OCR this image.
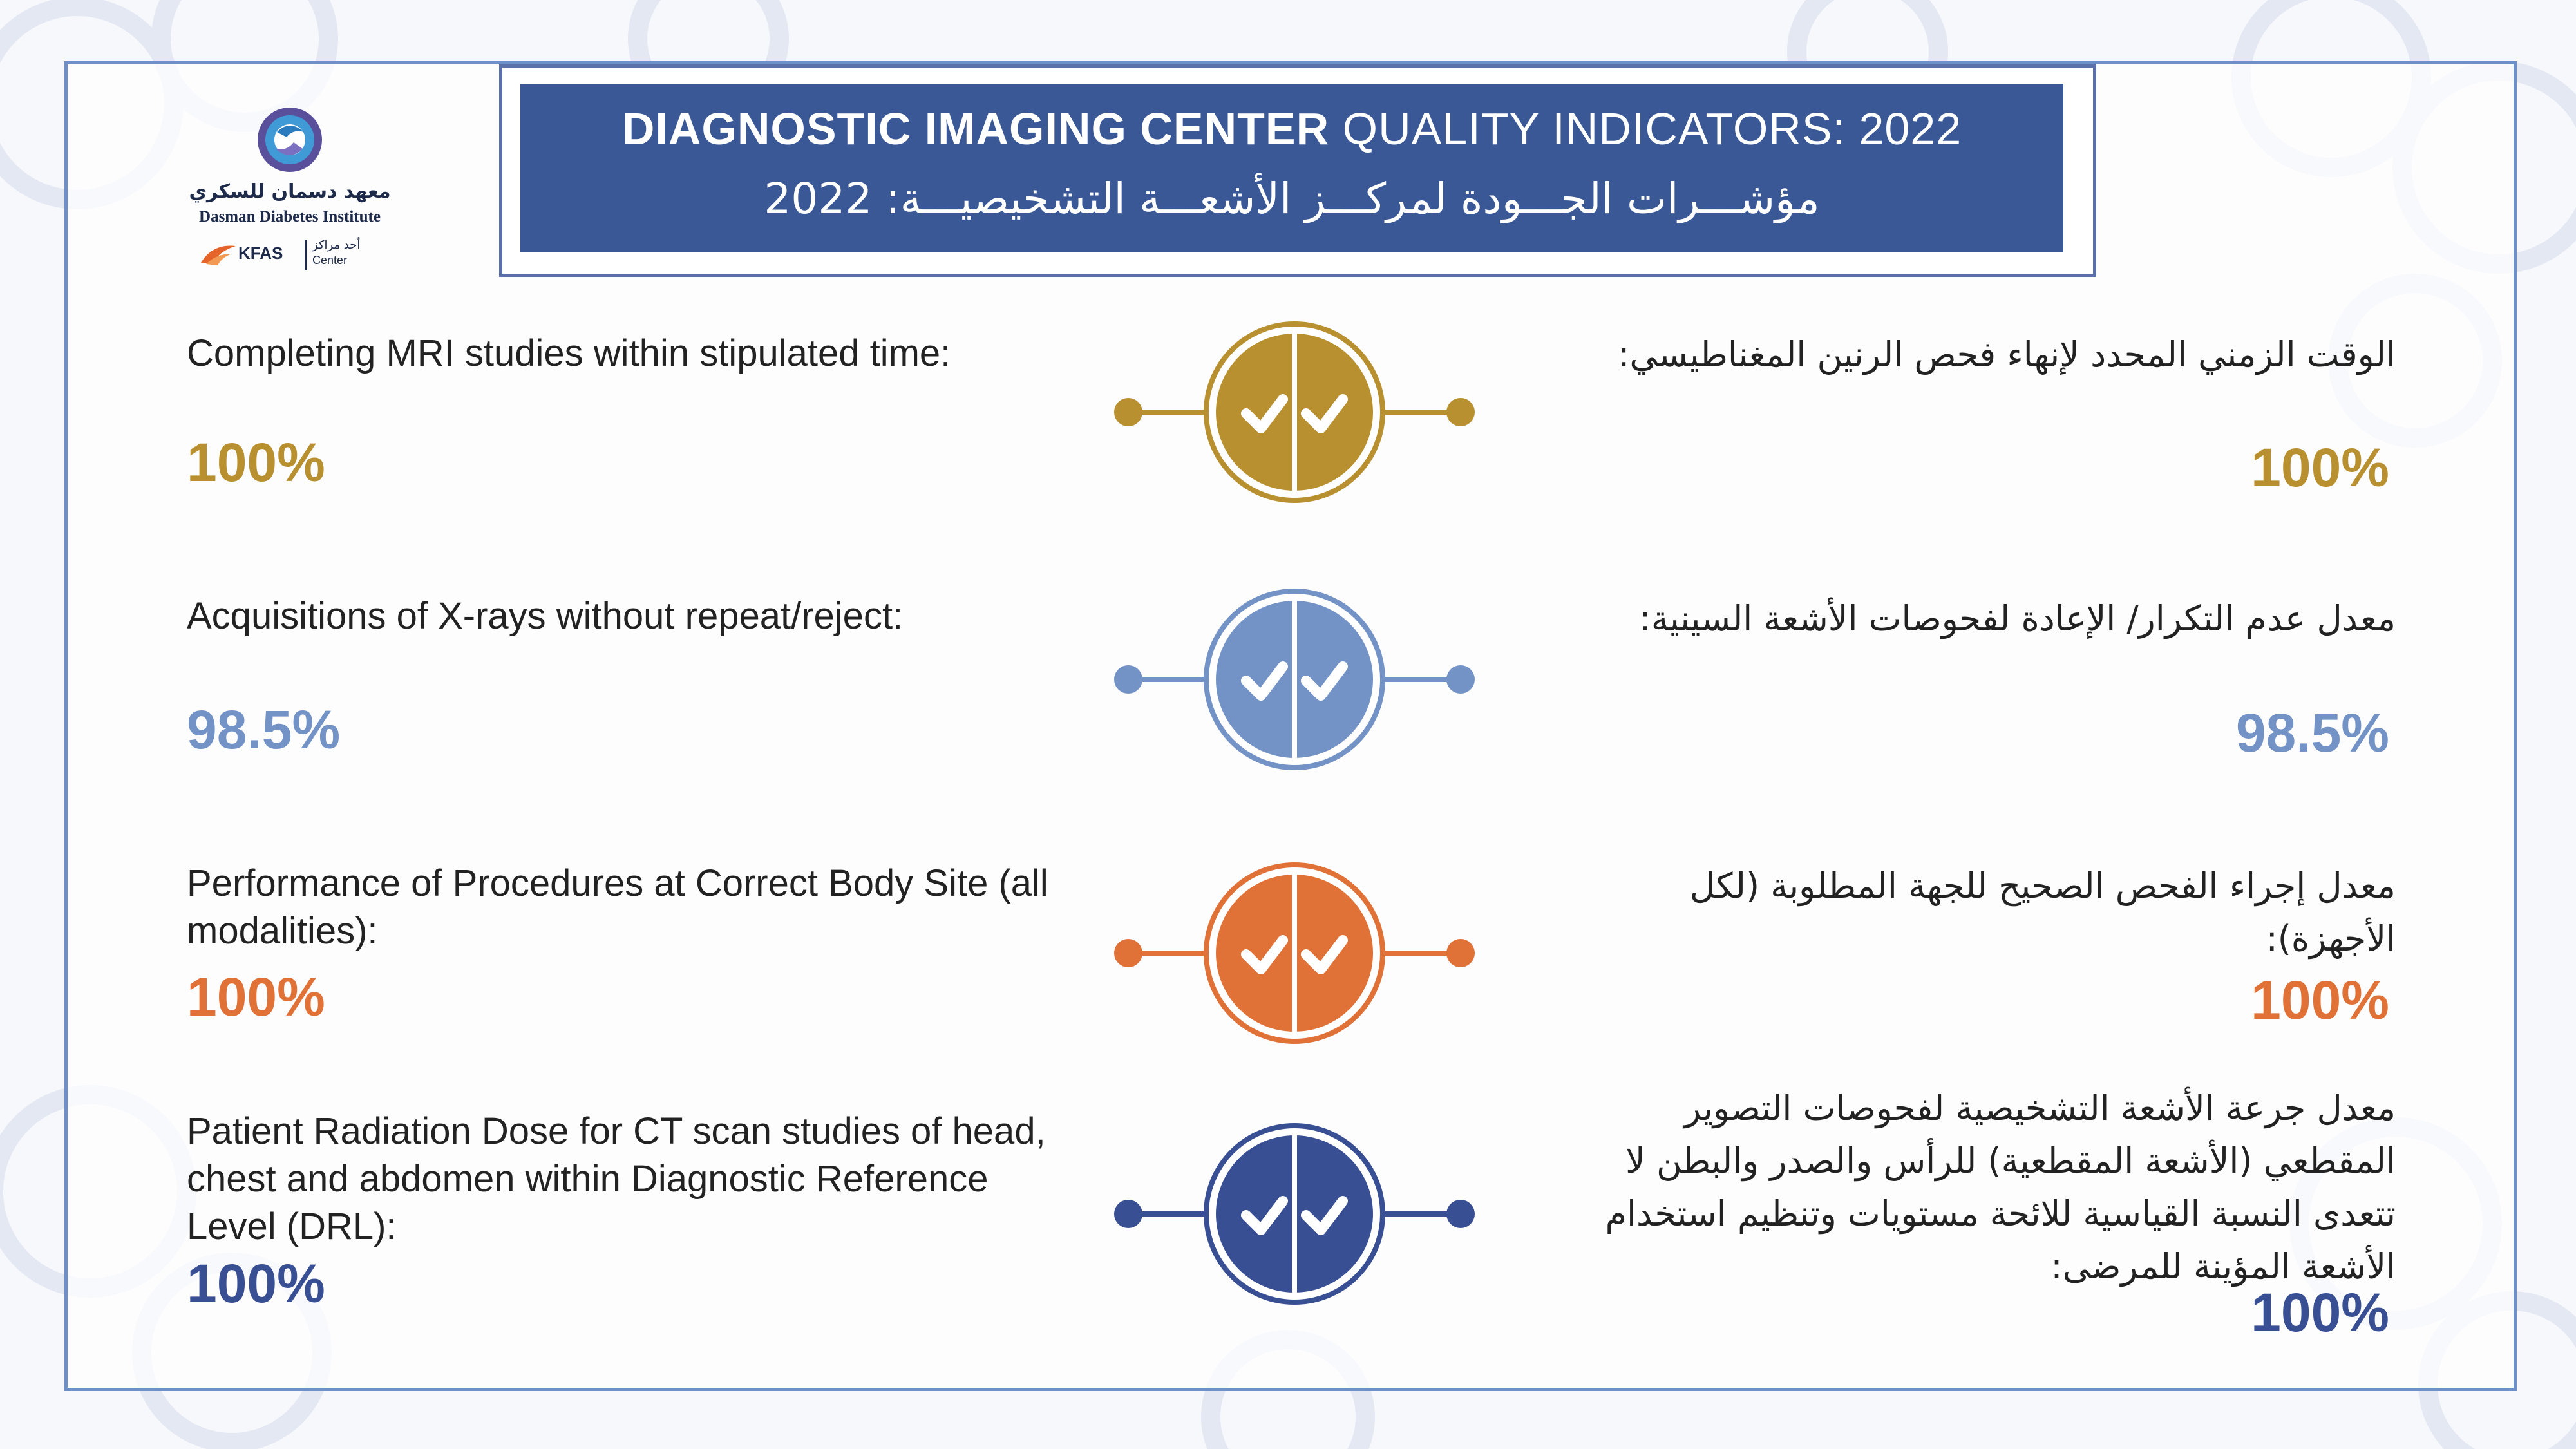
معهد دسمان للسكري
Dasman Diabetes Institute
KFAS	أحد مراكز
Center
DIAGNOSTIC IMAGING CENTER QUALITY INDICATORS: 2022
مؤشـــرات الجـــودة لمركـــز الأشعـــة التشخيصيـــة: 2022
Completing MRI studies within stipulated time:
100%
الوقت الزمني المحدد لإنهاء فحص الرنين المغناطيسي:
100%
Acquisitions of X-rays without repeat/reject:
98.5%
معدل عدم التكرار/ الإعادة لفحوصات الأشعة السينية:
98.5%
Performance of Procedures at Correct Body Site (all modalities):
100%
معدل إجراء الفحص الصحيح للجهة المطلوبة (لكل الأجهزة):
100%
Patient Radiation Dose for CT scan studies of head, chest and abdomen within Diagnostic Reference Level (DRL):
100%
معدل جرعة الأشعة التشخيصية لفحوصات التصوير المقطعي (الأشعة المقطعية) للرأس والصدر والبطن لا تتعدى النسبة القياسية للائحة مستويات وتنظيم استخدام الأشعة المؤينة للمرضى:
100%
